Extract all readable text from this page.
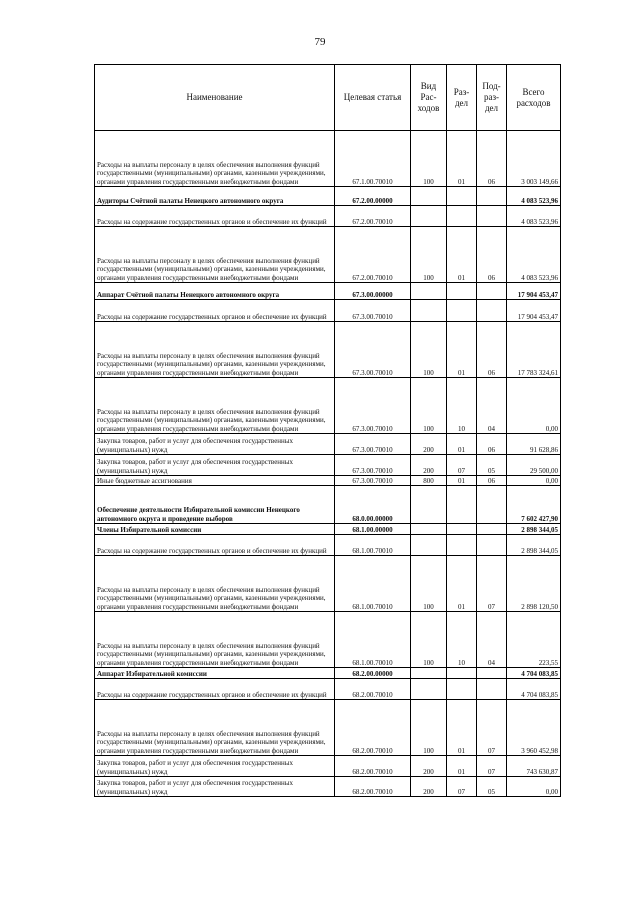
79
Наименование	Целевая статья	Вид Рас- ходов	Раз- дел	Под- раз- дел	Всего расходов
Расходы на выплаты персоналу в целях обеспечения выполнения функций государственными (муниципальными) органами, казенными учреждениями, органами управления государственными внебюджетными фондами	67.1.00.70010	100	01	06	3 003 149,66
Аудиторы Счётной палаты Ненецкого автономного округа	67.2.00.00000				4 083 523,96
Расходы на содержание государственных органов и обеспечение их функций	67.2.00.70010				4 083 523,96
Расходы на выплаты персоналу в целях обеспечения выполнения функций государственными (муниципальными) органами, казенными учреждениями, органами управления государственными внебюджетными фондами	67.2.00.70010	100	01	06	4 083 523,96
Аппарат Счётной палаты Ненецкого автономного округа	67.3.00.00000				17 904 453,47
Расходы на содержание государственных органов и обеспечение их функций	67.3.00.70010				17 904 453,47
Расходы на выплаты персоналу в целях обеспечения выполнения функций государственными (муниципальными) органами, казенными учреждениями, органами управления государственными внебюджетными фондами	67.3.00.70010	100	01	06	17 783 324,61
Расходы на выплаты персоналу в целях обеспечения выполнения функций государственными (муниципальными) органами, казенными учреждениями, органами управления государственными внебюджетными фондами	67.3.00.70010	100	10	04	0,00
Закупка товаров, работ и услуг для обеспечения государственных (муниципальных) нужд	67.3.00.70010	200	01	06	91 628,86
Закупка товаров, работ и услуг для обеспечения государственных (муниципальных) нужд	67.3.00.70010	200	07	05	29 500,00
Иные бюджетные ассигнования	67.3.00.70010	800	01	06	0,00
Обеспечение деятельности Избирательной комиссии Ненецкого автономного округа и проведение выборов	68.0.00.00000				7 602 427,90
Члены Избирательной комиссии	68.1.00.00000				2 898 344,05
Расходы на содержание государственных органов и обеспечение их функций	68.1.00.70010				2 898 344,05
Расходы на выплаты персоналу в целях обеспечения выполнения функций государственными (муниципальными) органами, казенными учреждениями, органами управления государственными внебюджетными фондами	68.1.00.70010	100	01	07	2 898 120,50
Расходы на выплаты персоналу в целях обеспечения выполнения функций государственными (муниципальными) органами, казенными учреждениями, органами управления государственными внебюджетными фондами	68.1.00.70010	100	10	04	223,55
Аппарат Избирательной комиссии	68.2.00.00000				4 704 083,85
Расходы на содержание государственных органов и обеспечение их функций	68.2.00.70010				4 704 083,85
Расходы на выплаты персоналу в целях обеспечения выполнения функций государственными (муниципальными) органами, казенными учреждениями, органами управления государственными внебюджетными фондами	68.2.00.70010	100	01	07	3 960 452,98
Закупка товаров, работ и услуг для обеспечения государственных (муниципальных) нужд	68.2.00.70010	200	01	07	743 630,87
Закупка товаров, работ и услуг для обеспечения государственных (муниципальных) нужд	68.2.00.70010	200	07	05	0,00
